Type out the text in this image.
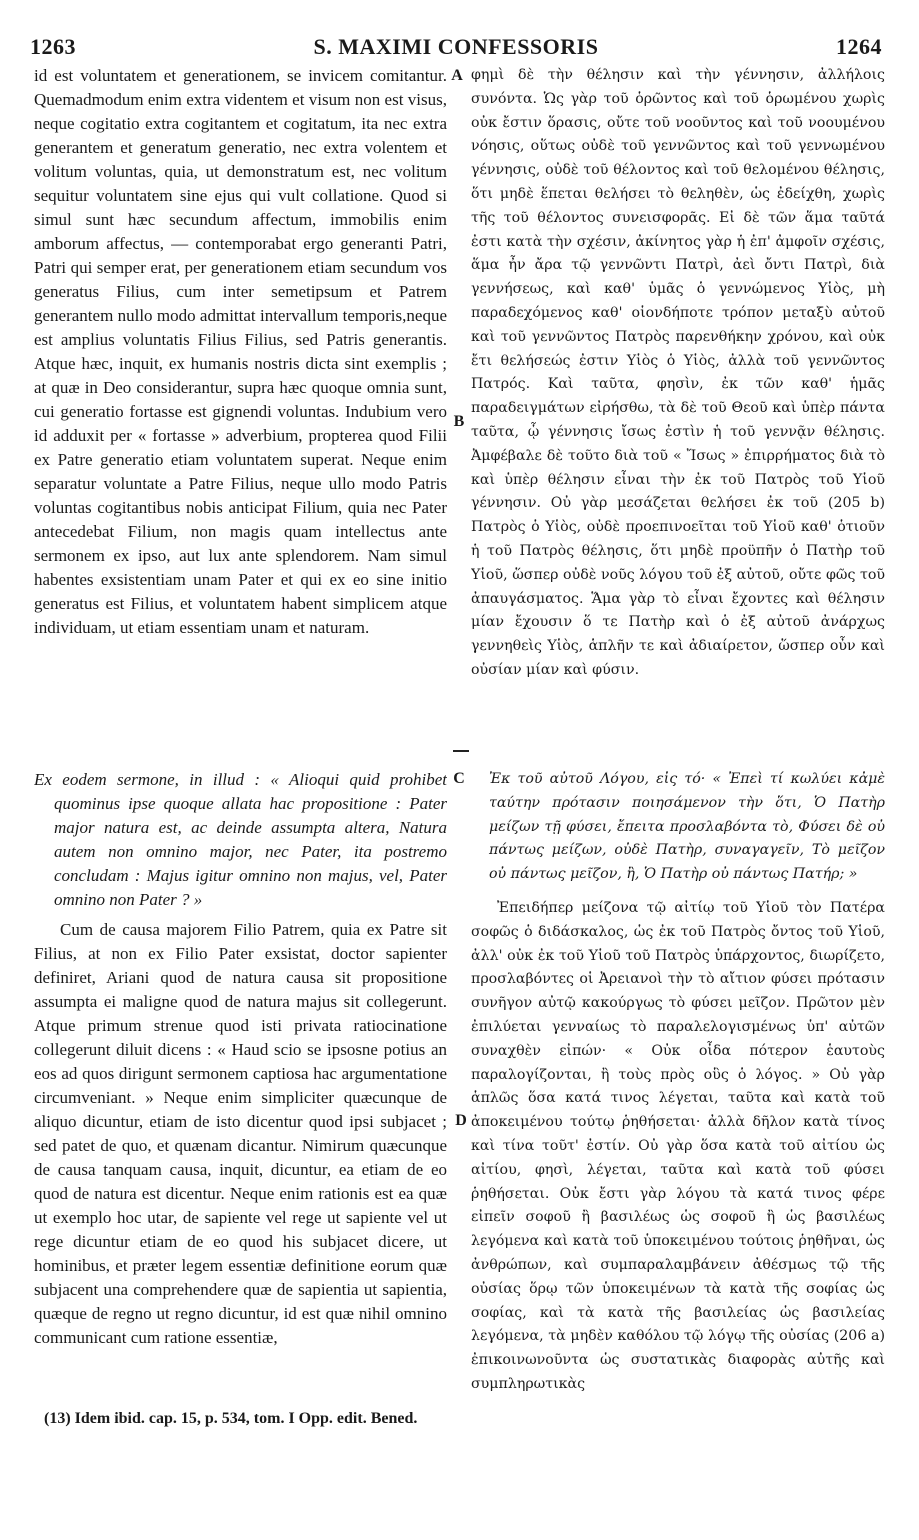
1263	S. MAXIMI CONFESSORIS	1264

id est voluntatem et generationem, se invicem comitantur. Quemadmodum enim extra videntem et visum non est visus, neque cogitatio extra cogitantem et cogitatum, ita nec extra generantem et generatum generatio, nec extra volentem et volitum voluntas, quia, ut demonstratum est, nec volitum sequitur voluntatem sine ejus qui vult collatione. Quod si simul sunt hæc secundum affectum, immobilis enim amborum affectus, — contemporabat ergo generanti Patri, Patri qui semper erat, per generationem etiam secundum vos generatus Filius, cum inter semetipsum et Patrem generantem nullo modo admittat intervallum temporis,neque est amplius voluntatis Filius Filius, sed Patris generantis. Atque hæc, inquit, ex humanis nostris dicta sint exemplis ; at quæ in Deo considerantur, supra hæc quoque omnia sunt, cui generatio fortasse est gignendi voluntas. Indubium vero id adduxit per « fortasse » adverbium, propterea quod Filii ex Patre generatio etiam voluntatem superat. Neque enim separatur voluntate a Patre Filius, neque ullo modo Patris voluntas cogitantibus nobis anticipat Filium, quia nec Pater antecedebat Filium, non magis quam intellectus ante sermonem ex ipso, aut lux ante splendorem. Nam simul habentes exsistentiam unam Pater et qui ex eo sine initio generatus est Filius, et voluntatem habent simplicem atque individuam, ut etiam essentiam unam et naturam.

φημὶ δὲ τὴν θέλησιν καὶ τὴν γέννησιν, ἀλλήλοις συνόντα. Ὡς γὰρ τοῦ ὁρῶντος καὶ τοῦ ὁρωμένου χωρὶς οὐκ ἔστιν ὅρασις, οὔτε τοῦ νοοῦντος καὶ τοῦ νοουμένου νόησις, οὕτως οὐδὲ τοῦ γεννῶντος καὶ τοῦ γεννωμένου γέννησις, οὐδὲ τοῦ θέλοντος καὶ τοῦ θελομένου θέλησις, ὅτι μηδὲ ἕπεται θελήσει τὸ θεληθὲν, ὡς ἐδείχθη, χωρὶς τῆς τοῦ θέλοντος συνεισφορᾶς. Εἰ δὲ τῶν ἅμα ταῦτά ἐστι κατὰ τὴν σχέσιν, ἀκίνητος γὰρ ἡ ἐπ' ἀμφοῖν σχέσις, ἅμα ἦν ἄρα τῷ γεννῶντι Πατρὶ, ἀεὶ ὄντι Πατρὶ, διὰ γεννήσεως, καὶ καθ' ὑμᾶς ὁ γεννώμενος Υἱὸς, μὴ παραδεχόμενος καθ' οἱονδήποτε τρόπον μεταξὺ αὐτοῦ καὶ τοῦ γεννῶντος Πατρὸς παρενθήκην χρόνου, καὶ οὐκ ἔτι θελήσεώς ἐστιν Υἱὸς ὁ Υἱὸς, ἀλλὰ τοῦ γεννῶντος Πατρός. Καὶ ταῦτα, φησὶν, ἐκ τῶν καθ' ἡμᾶς παραδειγμάτων εἰρήσθω, τὰ δὲ τοῦ Θεοῦ καὶ ὑπὲρ πάντα ταῦτα, ᾧ γέννησις ἴσως ἐστὶν ἡ τοῦ γεννᾷν θέλησις. Ἀμφέβαλε δὲ τοῦτο διὰ τοῦ « Ἴσως » ἐπιρρήματος διὰ τὸ καὶ ὑπὲρ θέλησιν εἶναι τὴν ἐκ τοῦ Πατρὸς τοῦ Υἱοῦ γέννησιν. Οὐ γὰρ μεσάζεται θελήσει ἐκ τοῦ (205 b) Πατρὸς ὁ Υἱὸς, οὐδὲ προεπινοεῖται τοῦ Υἱοῦ καθ' ὁτιοῦν ἡ τοῦ Πατρὸς θέλησις, ὅτι μηδὲ προϋπῆν ὁ Πατὴρ τοῦ Υἱοῦ, ὥσπερ οὐδὲ νοῦς λόγου τοῦ ἐξ αὐτοῦ, οὔτε φῶς τοῦ ἀπαυγάσματος. Ἅμα γὰρ τὸ εἶναι ἔχοντες καὶ θέλησιν μίαν ἔχουσιν ὅ τε Πατὴρ καὶ ὁ ἐξ αὐτοῦ ἀνάρχως γεννηθεὶς Υἱὸς, ἁπλῆν τε καὶ ἀδιαίρετον, ὥσπερ οὖν καὶ οὐσίαν μίαν καὶ φύσιν.

A
B

Ex eodem sermone, in illud : « Alioqui quid prohibet quominus ipse quoque allata hac propositione : Pater major natura est, ac deinde assumpta altera, Natura autem non omnino major, nec Pater, ita postremo concludam : Majus igitur omnino non majus, vel, Pater omnino non Pater ? »

Cum de causa majorem Filio Patrem, quia ex Patre sit Filius, at non ex Filio Pater exsistat, doctor sapienter definiret, Ariani quod de natura causa sit propositione assumpta ei maligne quod de natura majus sit collegerunt. Atque primum strenue quod isti privata ratiocinatione collegerunt diluit dicens : « Haud scio se ipsosne potius an eos ad quos dirigunt sermonem captiosa hac argumentatione circumveniant. » Neque enim simpliciter quæcunque de aliquo dicuntur, etiam de isto dicentur quod ipsi subjacet ; sed patet de quo, et quænam dicantur. Nimirum quæcunque de causa tanquam causa, inquit, dicuntur, ea etiam de eo quod de natura est dicentur. Neque enim rationis est ea quæ ut exemplo hoc utar, de sapiente vel rege ut sapiente vel ut rege dicuntur etiam de eo quod his subjacet dicere, ut hominibus, et præter legem essentiæ definitione eorum quæ subjacent una comprehendere quæ de sapientia ut sapientia, quæque de regno ut regno dicuntur, id est quæ nihil omnino communicant cum ratione essentiæ,

Ἐκ τοῦ αὐτοῦ Λόγου, εἰς τό· « Ἐπεὶ τί κωλύει κἀμὲ ταύτην πρότασιν ποιησάμενον τὴν ὅτι, Ὁ Πατὴρ μείζων τῇ φύσει, ἔπειτα προσλαβόντα τὸ, Φύσει δὲ οὐ πάντως μείζων, οὐδὲ Πατὴρ, συναγαγεῖν, Τὸ μεῖζον οὐ πάντως μεῖζον, ἢ, Ὁ Πατὴρ οὐ πάντως Πατήρ; »

Ἐπειδήπερ μείζονα τῷ αἰτίῳ τοῦ Υἱοῦ τὸν Πατέρα σοφῶς ὁ διδάσκαλος, ὡς ἐκ τοῦ Πατρὸς ὄντος τοῦ Υἱοῦ, ἀλλ' οὐκ ἐκ τοῦ Υἱοῦ τοῦ Πατρὸς ὑπάρχοντος, διωρίζετο, προσλαβόντες οἱ Ἀρειανοὶ τὴν τὸ αἴτιον φύσει πρότασιν συνῆγον αὐτῷ κακούργως τὸ φύσει μεῖζον. Πρῶτον μὲν ἐπιλύεται γενναίως τὸ παραλελογισμένως ὑπ' αὐτῶν συναχθὲν εἰπών· « Οὐκ οἶδα πότερον ἑαυτοὺς παραλογίζονται, ἢ τοὺς πρὸς οὓς ὁ λόγος. » Οὐ γὰρ ἁπλῶς ὅσα κατά τινος λέγεται, ταῦτα καὶ κατὰ τοῦ ἀποκειμένου τούτῳ ῥηθήσεται· ἀλλὰ δῆλον κατὰ τίνος καὶ τίνα τοῦτ' ἐστίν. Οὐ γὰρ ὅσα κατὰ τοῦ αἰτίου ὡς αἰτίου, φησὶ, λέγεται, ταῦτα καὶ κατὰ τοῦ φύσει ῥηθήσεται. Οὐκ ἔστι γὰρ λόγου τὰ κατά τινος φέρε εἰπεῖν σοφοῦ ἢ βασιλέως ὡς σοφοῦ ἢ ὡς βασιλέως λεγόμενα καὶ κατὰ τοῦ ὑποκειμένου τούτοις ῥηθῆναι, ὡς ἀνθρώπων, καὶ συμπαραλαμβάνειν ἀθέσμως τῷ τῆς οὐσίας ὅρῳ τῶν ὑποκειμένων τὰ κατὰ τῆς σοφίας ὡς σοφίας, καὶ τὰ κατὰ τῆς βασιλείας ὡς βασιλείας λεγόμενα, τὰ μηδὲν καθόλου τῷ λόγῳ τῆς οὐσίας (206 a) ἐπικοινωνοῦντα ὡς συστατικὰς διαφορὰς αὐτῆς καὶ συμπληρωτικὰς

C
D
(13) Idem ibid. cap. 15, p. 534, tom. I Opp. edit. Bened.
